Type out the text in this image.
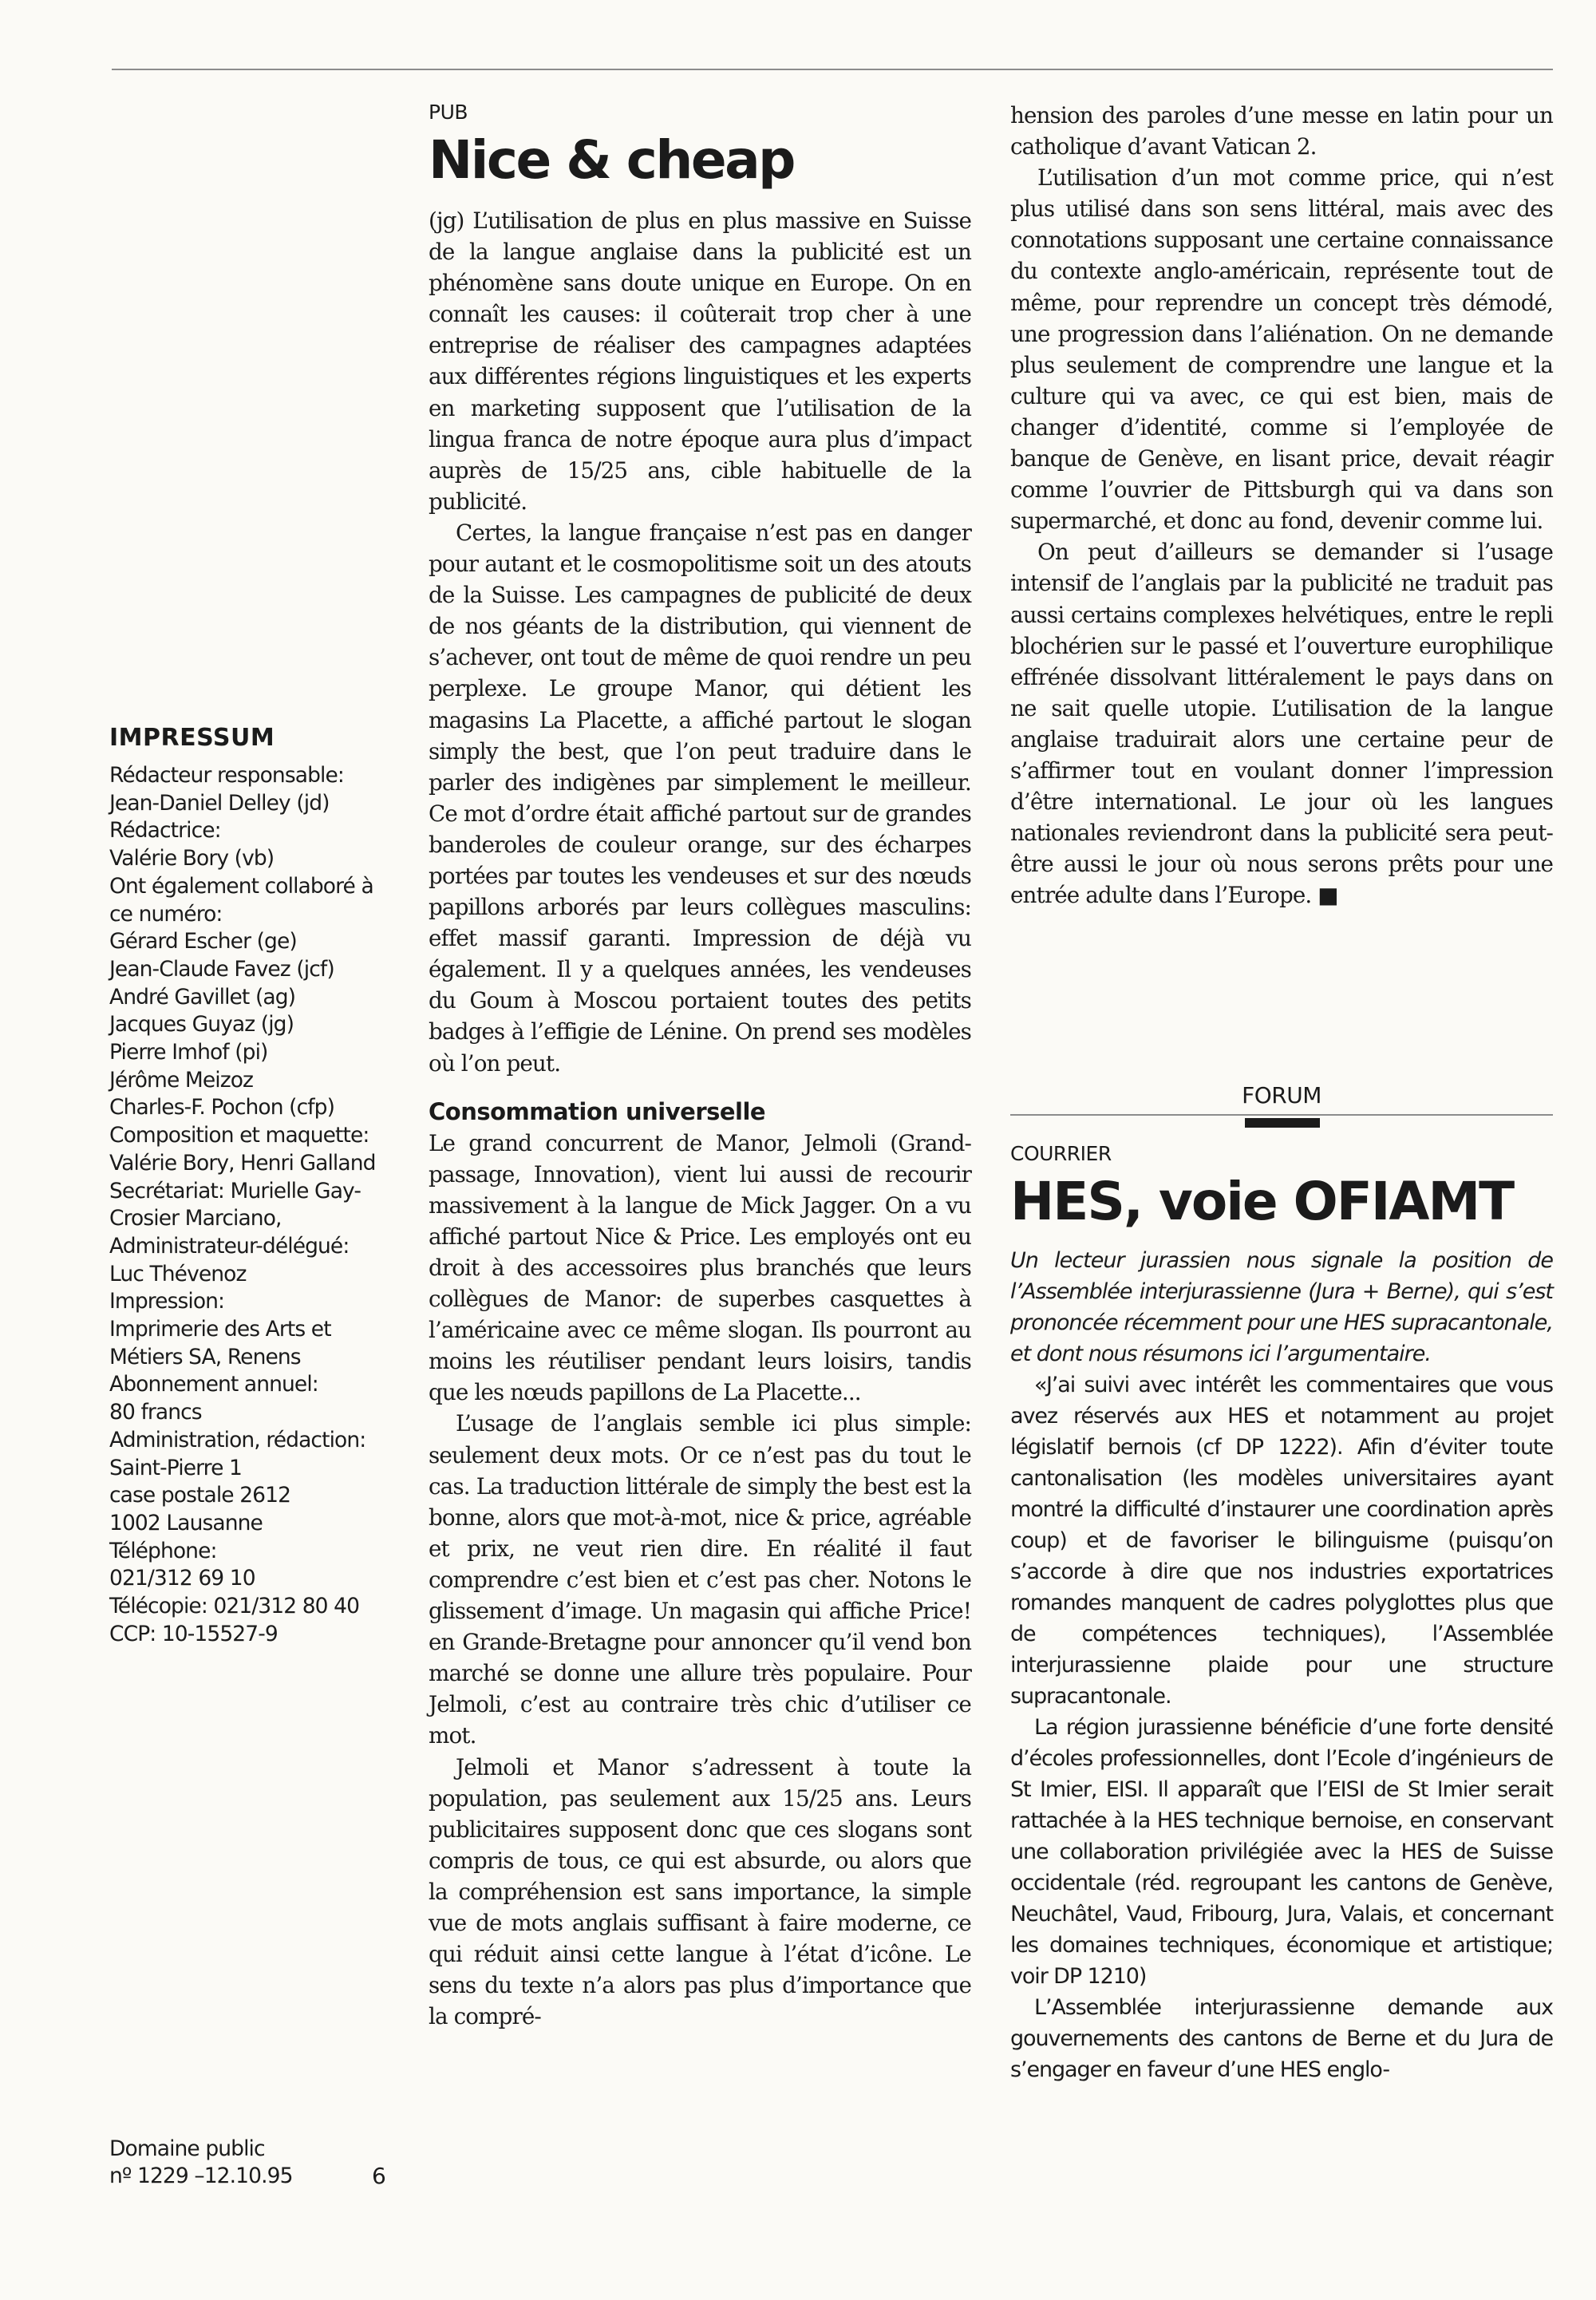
IMPRESSUM
Rédacteur responsable:
Jean-Daniel Delley (jd)
Rédactrice:
Valérie Bory (vb)
Ont également collaboré à
ce numéro:
Gérard Escher (ge)
Jean-Claude Favez (jcf)
André Gavillet (ag)
Jacques Guyaz (jg)
Pierre Imhof (pi)
Jérôme Meizoz
Charles-F. Pochon (cfp)
Composition et maquette:
Valérie Bory, Henri Galland
Secrétariat: Murielle Gay-
Crosier Marciano,
Administrateur-délégué:
Luc Thévenoz
Impression:
Imprimerie des Arts et
Métiers SA, Renens
Abonnement annuel:
80 francs
Administration, rédaction:
Saint-Pierre 1
case postale 2612
1002 Lausanne
Téléphone:
021/312 69 10
Télécopie: 021/312 80 40
CCP: 10-15527-9
Domaine public
nº 1229 –12.10.95	6
PUB
Nice & cheap

(jg) L’utilisation de plus en plus massive en Suisse de la langue anglaise dans la publicité est un phénomène sans doute unique en Europe. On en connaît les causes: il coûterait trop cher à une entreprise de réaliser des campagnes adaptées aux différentes régions linguistiques et les experts en marketing supposent que l’utilisation de la lingua franca de notre époque aura plus d’impact auprès de 15/25 ans, cible habituelle de la publicité.

Certes, la langue française n’est pas en danger pour autant et le cosmopolitisme soit un des atouts de la Suisse. Les campagnes de publicité de deux de nos géants de la distribution, qui viennent de s’achever, ont tout de même de quoi rendre un peu perplexe. Le groupe Manor, qui détient les magasins La Placette, a affiché partout le slogan simply the best, que l’on peut traduire dans le parler des indigènes par simplement le meilleur. Ce mot d’ordre était affiché partout sur de grandes banderoles de couleur orange, sur des écharpes portées par toutes les vendeuses et sur des nœuds papillons arborés par leurs collègues masculins: effet massif garanti. Impression de déjà vu également. Il y a quelques années, les vendeuses du Goum à Moscou portaient toutes des petits badges à l’effigie de Lénine. On prend ses modèles où l’on peut.

Consommation universelle

Le grand concurrent de Manor, Jelmoli (Grand-passage, Innovation), vient lui aussi de recourir massivement à la langue de Mick Jagger. On a vu affiché partout Nice & Price. Les employés ont eu droit à des accessoires plus branchés que leurs collègues de Manor: de superbes casquettes à l’américaine avec ce même slogan. Ils pourront au moins les réutiliser pendant leurs loisirs, tandis que les nœuds papillons de La Placette...

L’usage de l’anglais semble ici plus simple: seulement deux mots. Or ce n’est pas du tout le cas. La traduction littérale de simply the best est la bonne, alors que mot-à-mot, nice & price, agréable et prix, ne veut rien dire. En réalité il faut comprendre c’est bien et c’est pas cher. Notons le glissement d’image. Un magasin qui affiche Price! en Grande-Bretagne pour annoncer qu’il vend bon marché se donne une allure très populaire. Pour Jelmoli, c’est au contraire très chic d’utiliser ce mot.

Jelmoli et Manor s’adressent à toute la population, pas seulement aux 15/25 ans. Leurs publicitaires supposent donc que ces slogans sont compris de tous, ce qui est absurde, ou alors que la compréhension est sans importance, la simple vue de mots anglais suffisant à faire moderne, ce qui réduit ainsi cette langue à l’état d’icône. Le sens du texte n’a alors pas plus d’importance que la compré-

hension des paroles d’une messe en latin pour un catholique d’avant Vatican 2.

L’utilisation d’un mot comme price, qui n’est plus utilisé dans son sens littéral, mais avec des connotations supposant une certaine connaissance du contexte anglo-américain, représente tout de même, pour reprendre un concept très démodé, une progression dans l’aliénation. On ne demande plus seulement de comprendre une langue et la culture qui va avec, ce qui est bien, mais de changer d’identité, comme si l’employée de banque de Genève, en lisant price, devait réagir comme l’ouvrier de Pittsburgh qui va dans son supermarché, et donc au fond, devenir comme lui.

On peut d’ailleurs se demander si l’usage intensif de l’anglais par la publicité ne traduit pas aussi certains complexes helvétiques, entre le repli blochérien sur le passé et l’ouverture europhilique effrénée dissolvant littéralement le pays dans on ne sait quelle utopie. L’utilisation de la langue anglaise traduirait alors une certaine peur de s’affirmer tout en voulant donner l’impression d’être international. Le jour où les langues nationales reviendront dans la publicité sera peut-être aussi le jour où nous serons prêts pour une entrée adulte dans l’Europe. ■

FORUM
COURRIER
HES, voie OFIAMT

Un lecteur jurassien nous signale la position de l’Assemblée interjurassienne (Jura + Berne), qui s’est prononcée récemment pour une HES supracantonale, et dont nous résumons ici l’argumentaire.

«J’ai suivi avec intérêt les commentaires que vous avez réservés aux HES et notamment au projet législatif bernois (cf DP 1222). Afin d’éviter toute cantonalisation (les modèles universitaires ayant montré la difficulté d’instaurer une coordination après coup) et de favoriser le bilinguisme (puisqu’on s’accorde à dire que nos industries exportatrices romandes manquent de cadres polyglottes plus que de compétences techniques), l’Assemblée interjurassienne plaide pour une structure supracantonale.

La région jurassienne bénéficie d’une forte densité d’écoles professionnelles, dont l’Ecole d’ingénieurs de St Imier, EISI. Il apparaît que l’EISI de St Imier serait rattachée à la HES technique bernoise, en conservant une collaboration privilégiée avec la HES de Suisse occidentale (réd. regroupant les cantons de Genève, Neuchâtel, Vaud, Fribourg, Jura, Valais, et concernant les domaines techniques, économique et artistique; voir DP 1210)

L’Assemblée interjurassienne demande aux gouvernements des cantons de Berne et du Jura de s’engager en faveur d’une HES englo-
